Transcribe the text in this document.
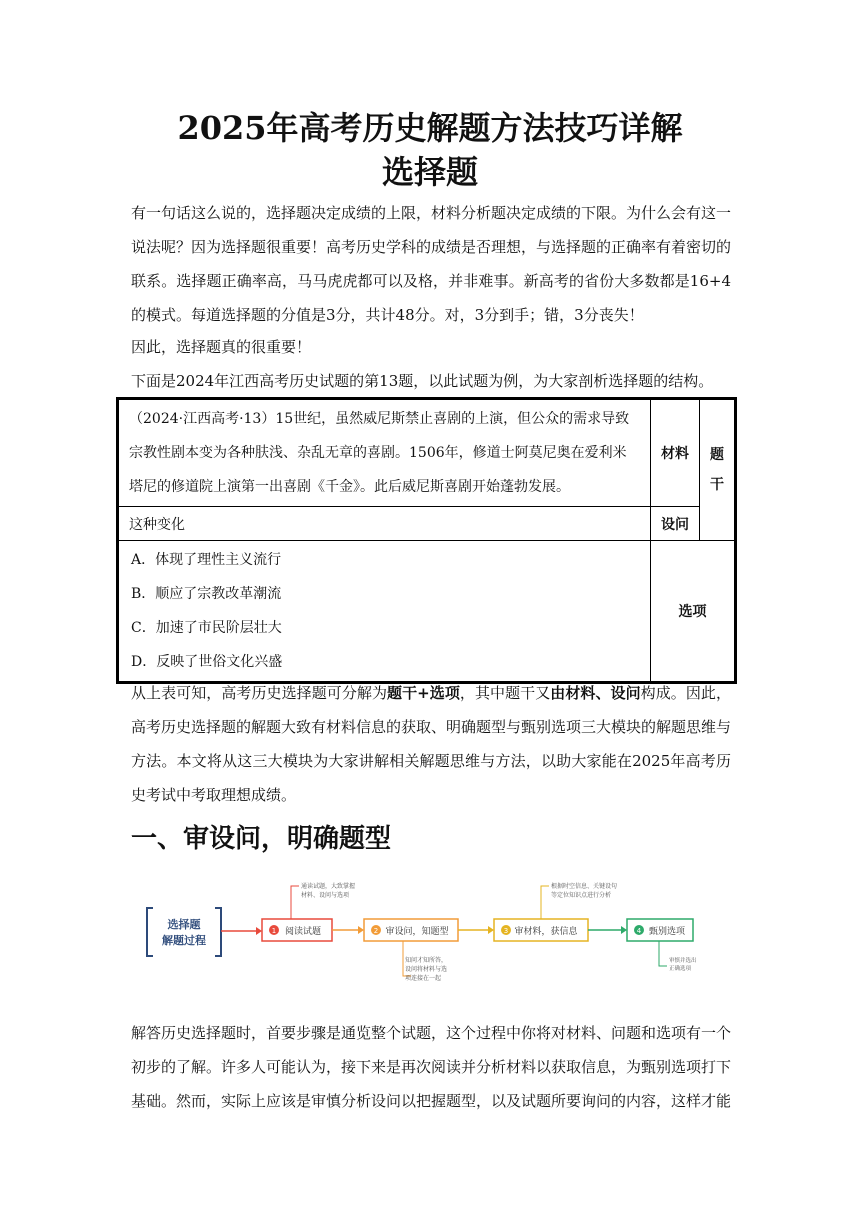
2025年高考历史解题方法技巧详解
选择题
有一句话这么说的，选择题决定成绩的上限，材料分析题决定成绩的下限。为什么会有这一说法呢？因为选择题很重要！高考历史学科的成绩是否理想，与选择题的正确率有着密切的联系。选择题正确率高，马马虎虎都可以及格，并非难事。新高考的省份大多数都是16+4的模式。每道选择题的分值是3分，共计48分。对，3分到手；错，3分丧失！
因此，选择题真的很重要！
下面是2024年江西高考历史试题的第13题，以此试题为例，为大家剖析选择题的结构。
（2024·江西高考·13）15世纪，虽然威尼斯禁止喜剧的上演，但公众的需求导致宗教性剧本变为各种肤浅、杂乱无章的喜剧。1506年，修道士阿莫尼奥在爱利米塔尼的修道院上演第一出喜剧《千金》。此后威尼斯喜剧开始蓬勃发展。	材料	题
干
这种变化	设问	

A．体现了理性主义流行
B．顺应了宗教改革潮流
C．加速了市民阶层壮大
D．反映了世俗文化兴盛	选项	
从上表可知，高考历史选择题可分解为题干+选项，其中题干又由材料、设问构成。因此，高考历史选择题的解题大致有材料信息的获取、明确题型与甄别选项三大模块的解题思维与方法。本文将从这三大模块为大家讲解相关解题思维与方法，以助大家能在2025年高考历史考试中考取理想成绩。
一、审设问，明确题型
选择题
解题过程
1 阅读试题
通读试题，大致掌握
材料、设问与选项
2 审设问，知题型
知问才知所答，
设问将材料与选
项连接在一起
3 审材料，获信息
根据时空信息、关键设句
等定位知识点进行分析
4 甄别选项
审慎并选出
正确选项
解答历史选择题时，首要步骤是通览整个试题，这个过程中你将对材料、问题和选项有一个初步的了解。许多人可能认为，接下来是再次阅读并分析材料以获取信息，为甄别选项打下基础。然而，实际上应该是审慎分析设问以把握题型，以及试题所要询问的内容，这样才能
